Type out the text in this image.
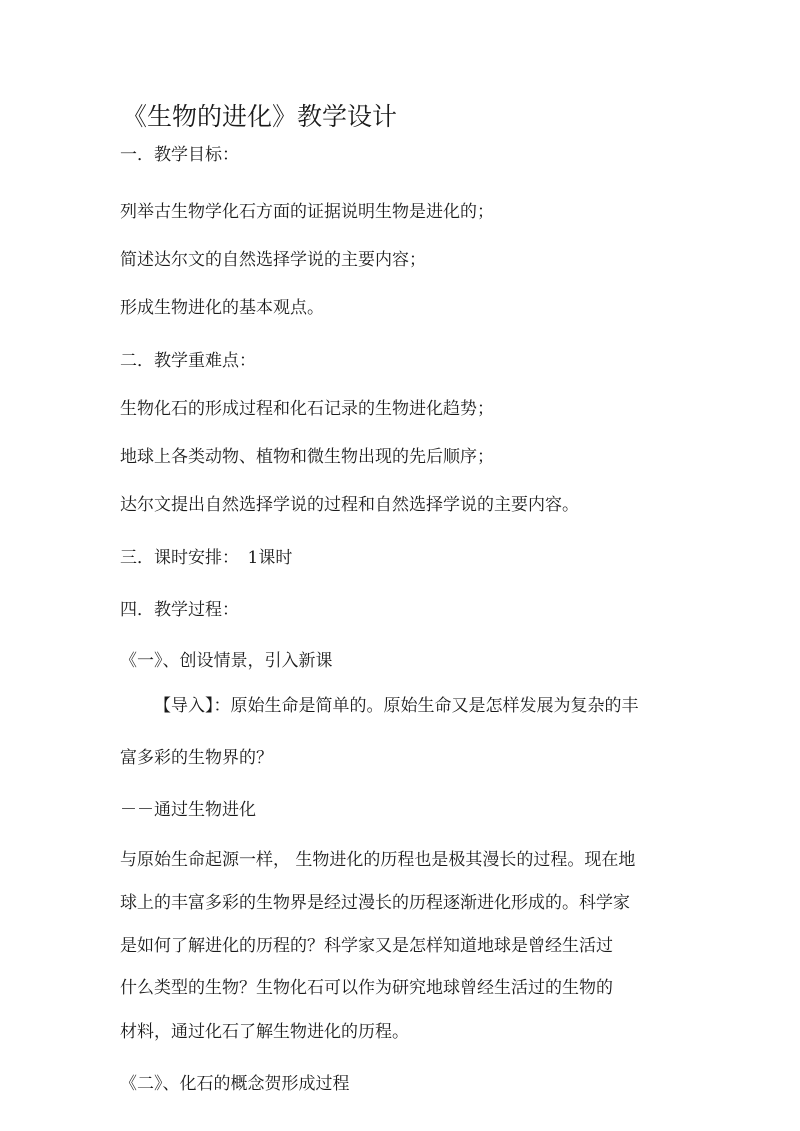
《生物的进化》教学设计
一．教学目标：
列举古生物学化石方面的证据说明生物是进化的；
简述达尔文的自然选择学说的主要内容；
形成生物进化的基本观点。
二．教学重难点：
生物化石的形成过程和化石记录的生物进化趋势；
地球上各类动物、植物和微生物出现的先后顺序；
达尔文提出自然选择学说的过程和自然选择学说的主要内容。
三．课时安排：　1课时
四．教学过程：
《一》、创设情景，引入新课
【导入】：原始生命是简单的。原始生命又是怎样发展为复杂的丰
富多彩的生物界的？
－－通过生物进化
与原始生命起源一样， 生物进化的历程也是极其漫长的过程。现在地
球上的丰富多彩的生物界是经过漫长的历程逐渐进化形成的。科学家
是如何了解进化的历程的？科学家又是怎样知道地球是曾经生活过
什么类型的生物？生物化石可以作为研究地球曾经生活过的生物的
材料，通过化石了解生物进化的历程。
《二》、化石的概念贺形成过程
